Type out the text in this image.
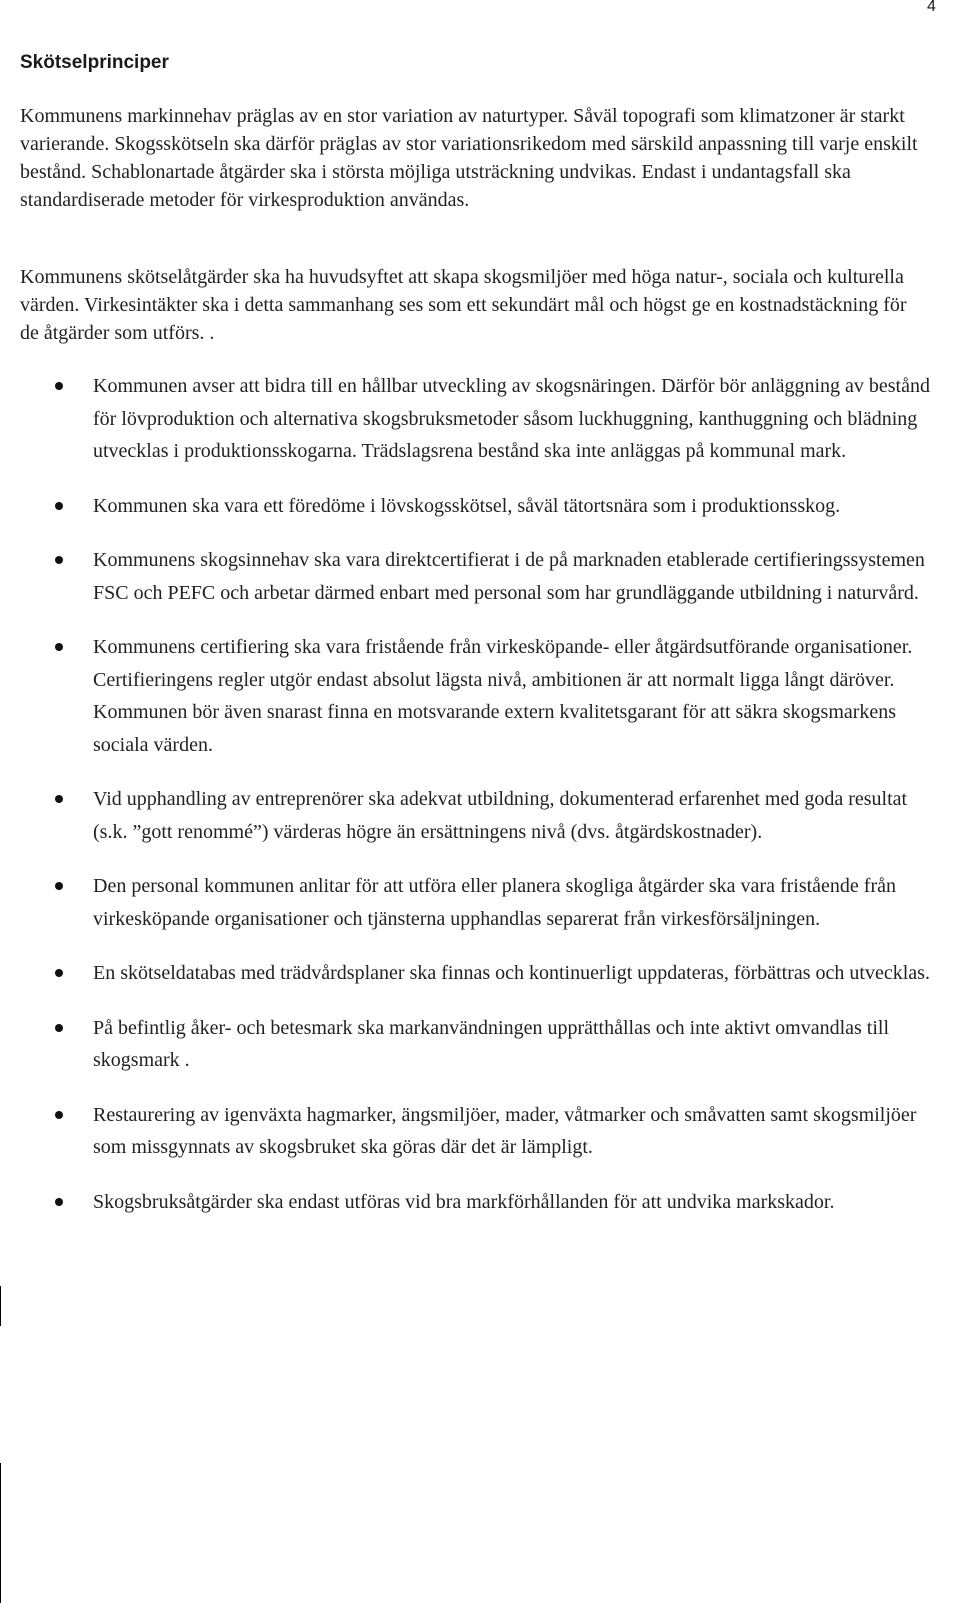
4
Skötselprinciper

Kommunens markinnehav präglas av en stor variation av naturtyper. Såväl topografi som klimatzoner är starkt varierande. Skogsskötseln ska därför präglas av stor variationsrikedom med särskild anpassning till varje enskilt bestånd. Schablonartade åtgärder ska i största möjliga utsträckning undvikas. Endast i undantagsfall ska standardiserade metoder för virkesproduktion användas.

Kommunens skötselåtgärder ska ha huvudsyftet att skapa skogsmiljöer med höga natur-, sociala och kulturella värden. Virkesintäkter ska i detta sammanhang ses som ett sekundärt mål och högst ge en kostnadstäckning för de åtgärder som utförs. .

Kommunen avser att bidra till en hållbar utveckling av skogsnäringen. Därför bör anläggning av bestånd för lövproduktion och alternativa skogsbruksmetoder såsom luckhuggning, kanthuggning och blädning utvecklas i produktionsskogarna. Trädslagsrena bestånd ska inte anläggas på kommunal mark.
Kommunen ska vara ett föredöme i lövskogsskötsel, såväl tätortsnära som i produktionsskog.
Kommunens skogsinnehav ska vara direktcertifierat i de på marknaden etablerade certifieringssystemen FSC och PEFC och arbetar därmed enbart med personal som har grundläggande utbildning i naturvård.
Kommunens certifiering ska vara fristående från virkesköpande- eller åtgärdsutförande organisationer. Certifieringens regler utgör endast absolut lägsta nivå, ambitionen är att normalt ligga långt däröver. Kommunen bör även snarast finna en motsvarande extern kvalitetsgarant för att säkra skogsmarkens sociala värden.
Vid upphandling av entreprenörer ska adekvat utbildning, dokumenterad erfarenhet med goda resultat (s.k. ”gott renommé”) värderas högre än ersättningens nivå (dvs. åtgärdskostnader).
Den personal kommunen anlitar för att utföra eller planera skogliga åtgärder ska vara fristående från virkesköpande organisationer och tjänsterna upphandlas separerat från virkesförsäljningen.
En skötseldatabas med trädvårdsplaner ska finnas och kontinuerligt uppdateras, förbättras och utvecklas.
På befintlig åker- och betesmark ska markanvändningen upprätthållas och inte aktivt omvandlas till skogsmark .
Restaurering av igenväxta hagmarker, ängsmiljöer, mader, våtmarker och småvatten samt skogsmiljöer som missgynnats av skogsbruket ska göras där det är lämpligt.
Skogsbruksåtgärder ska endast utföras vid bra markförhållanden för att undvika markskador.
